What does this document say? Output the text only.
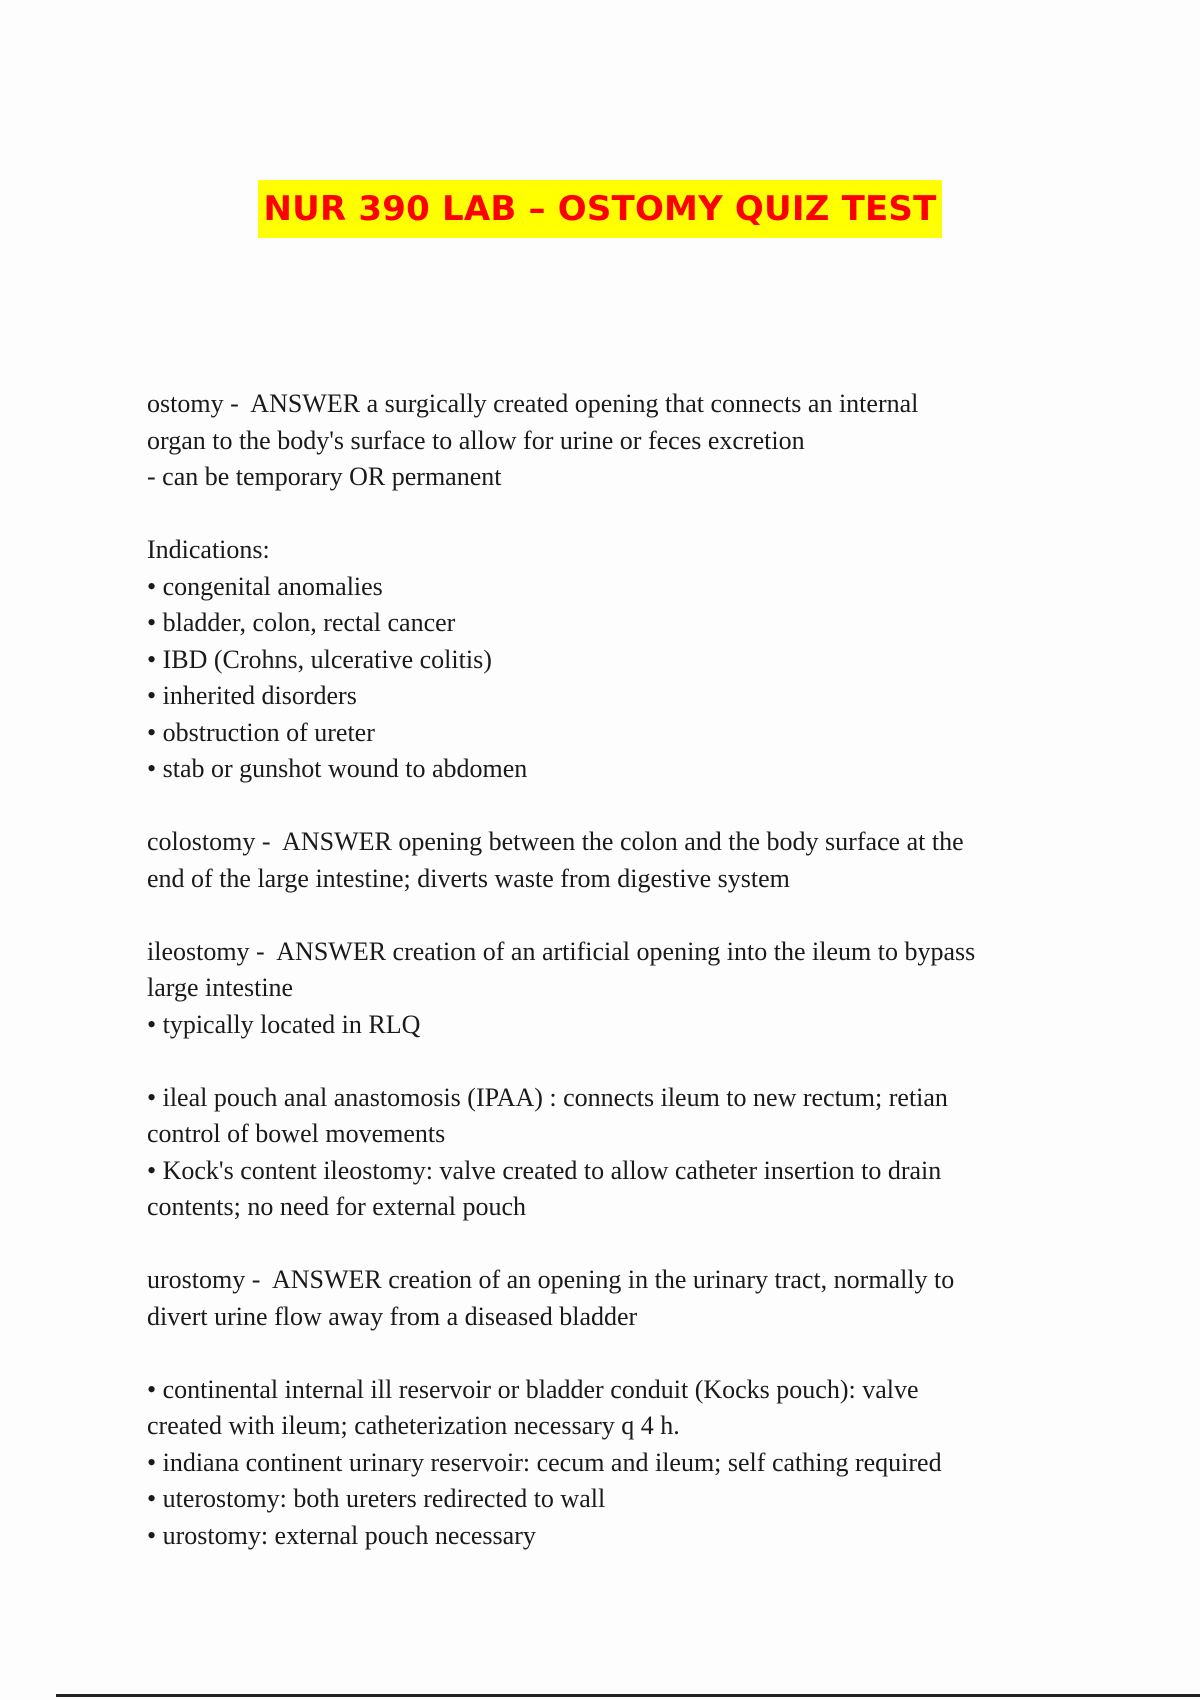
NUR 390 LAB – OSTOMY QUIZ TEST
ostomy -  ANSWER a surgically created opening that connects an internal
organ to the body's surface to allow for urine or feces excretion
- can be temporary OR permanent
Indications:
• congenital anomalies
• bladder, colon, rectal cancer
• IBD (Crohns, ulcerative colitis)
• inherited disorders
• obstruction of ureter
• stab or gunshot wound to abdomen
colostomy -  ANSWER opening between the colon and the body surface at the
end of the large intestine; diverts waste from digestive system
ileostomy -  ANSWER creation of an artificial opening into the ileum to bypass
large intestine
• typically located in RLQ
• ileal pouch anal anastomosis (IPAA) : connects ileum to new rectum; retian
control of bowel movements
• Kock's content ileostomy: valve created to allow catheter insertion to drain
contents; no need for external pouch
urostomy -  ANSWER creation of an opening in the urinary tract, normally to
divert urine flow away from a diseased bladder
• continental internal ill reservoir or bladder conduit (Kocks pouch): valve
created with ileum; catheterization necessary q 4 h.
• indiana continent urinary reservoir: cecum and ileum; self cathing required
• uterostomy: both ureters redirected to wall
• urostomy: external pouch necessary
